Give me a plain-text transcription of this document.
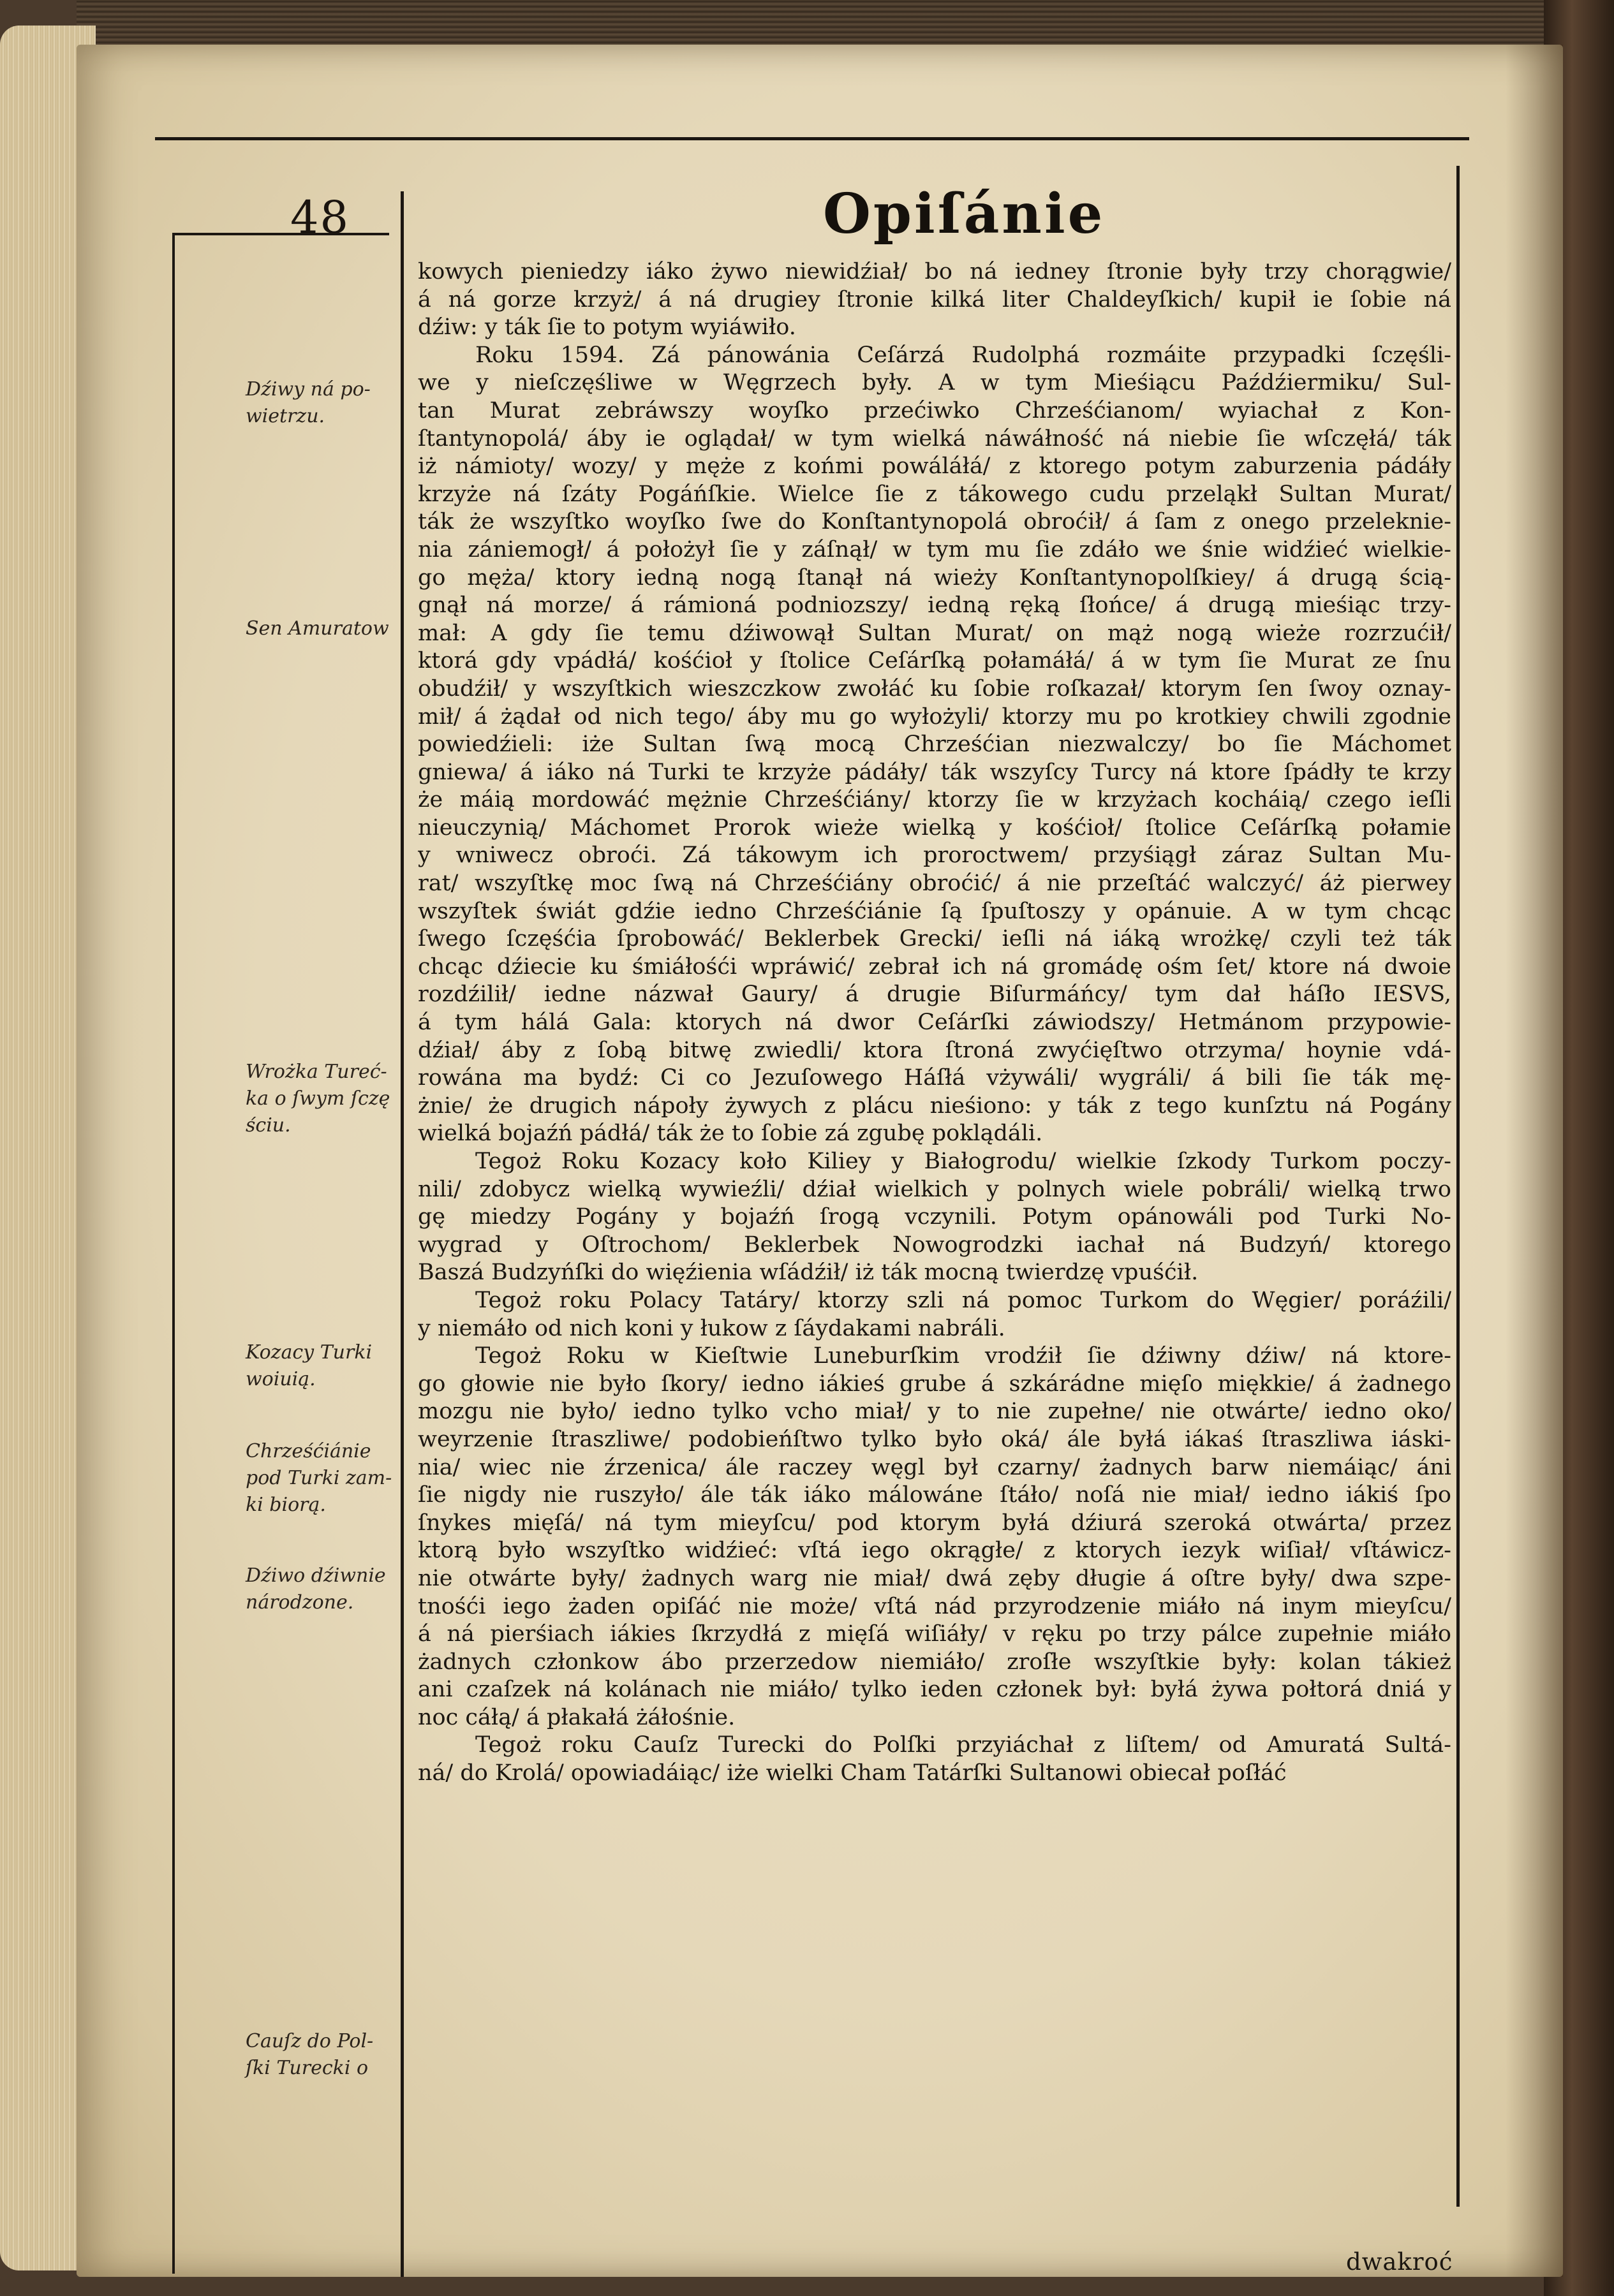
48	Opiſánie
Dźiwy ná po-
wietrzu.
Sen Amuratow
Wrożka Tureć-
ka o ſwym ſczę
ściu.
Kozacy Turki
woiuią.
Chrześćiánie
pod Turki zam-
ki biorą.
Dźiwo dźiwnie
národzone.
Cauſz do Pol-
ſki Turecki o
kowych pieniedzy iáko żywo niewidźiał/ bo ná iedney ſtronie były trzy chorągwie/
á ná gorze krzyż/ á ná drugiey ſtronie kilká liter Chaldeyſkich/ kupił ie ſobie ná
dźiw: y ták ſie to potym wyiáwiło.
Roku 1594. Zá pánowánia Ceſárzá Rudolphá rozmáite przypadki ſczęśli-
we y nieſczęśliwe w Węgrzech były. A w tym Mieśiącu Paźdźiermiku/ Sul-
tan Murat zebráwszy woyſko przećiwko Chrześćianom/ wyiachał z Kon-
ſtantynopolá/ áby ie oglądał/ w tym wielká náwáłność ná niebie ſie wſczęłá/ ták
iż námioty/ wozy/ y męże z końmi powáláłá/ z ktorego potym zaburzenia pádáły
krzyże ná ſzáty Pogáńſkie. Wielce ſie z tákowego cudu przeląkł Sultan Murat/
ták że wszyſtko woyſko ſwe do Konſtantynopolá obroćił/ á ſam z onego przeleknie-
nia zániemogł/ á położył ſie y záſnął/ w tym mu ſie zdáło we śnie widźieć wielkie-
go męża/ ktory iedną nogą ſtanął ná wieży Konſtantynopolſkiey/ á drugą ścią-
gnął ná morze/ á rámioná podniozszy/ iedną ręką ſłońce/ á drugą mieśiąc trzy-
mał: A gdy ſie temu dźiwowął Sultan Murat/ on mąż nogą wieże rozrzućił/
ktorá gdy vpádłá/ kośćioł y ſtolice Ceſárſką połamáłá/ á w tym ſie Murat ze ſnu
obudźił/ y wszyſtkich wieszczkow zwołáć ku ſobie roſkazał/ ktorym ſen ſwoy oznay-
mił/ á żądał od nich tego/ áby mu go wyłożyli/ ktorzy mu po krotkiey chwili zgodnie
powiedźieli: iże Sultan ſwą mocą Chrześćian niezwalczy/ bo ſie Máchomet
gniewa/ á iáko ná Turki te krzyże pádáły/ ták wszyſcy Turcy ná ktore ſpádły te krzy
że máią mordowáć mężnie Chrześćiány/ ktorzy ſie w krzyżach kocháią/ czego ieſli
nieuczynią/ Máchomet Prorok wieże wielką y kośćioł/ ſtolice Ceſárſką połamie
y wniwecz obroći. Zá tákowym ich proroctwem/ przyśiągł záraz Sultan Mu-
rat/ wszyſtkę moc ſwą ná Chrześćiány obroćić/ á nie przeſtáć walczyć/ áż pierwey
wszyſtek świát gdźie iedno Chrześćiánie ſą ſpuſtoszy y opánuie. A w tym chcąc
ſwego ſczęśćia ſprobowáć/ Beklerbek Grecki/ ieſli ná iáką wrożkę/ czyli też ták
chcąc dźiecie ku śmiáłośći wpráwić/ zebrał ich ná gromádę ośm ſet/ ktore ná dwoie
rozdźilił/ iedne názwał Gaury/ á drugie Biſurmáńcy/ tym dał háſło IESVS,
á tym hálá Gala: ktorych ná dwor Ceſárſki záwiodszy/ Hetmánom przypowie-
dźiał/ áby z ſobą bitwę zwiedli/ ktora ſtroná zwyćięſtwo otrzyma/ hoynie vdá-
rowána ma bydź: Ci co Jezuſowego Háſłá vżywáli/ wygráli/ á bili ſie ták mę-
żnie/ że drugich nápoły żywych z plácu nieśiono: y ták z tego kunſztu ná Pogány
wielká bojaźń pádłá/ ták że to ſobie zá zgubę poklądáli.
Tegoż Roku Kozacy koło Kiliey y Białogrodu/ wielkie ſzkody Turkom poczy-
nili/ zdobycz wielką wywieźli/ dźiał wielkich y polnych wiele pobráli/ wielką trwo
gę miedzy Pogány y bojaźń ſrogą vczynili. Potym opánowáli pod Turki No-
wygrad y Oſtrochom/ Beklerbek Nowogrodzki iachał ná Budzyń/ ktorego
Baszá Budzyńſki do więźienia wſádźił/ iż ták mocną twierdzę vpuśćił.
Tegoż roku Polacy Tatáry/ ktorzy szli ná pomoc Turkom do Węgier/ poráźili/
y niemáło od nich koni y łukow z ſáydakami nabráli.
Tegoż Roku w Kieſtwie Luneburſkim vrodźił ſie dźiwny dźiw/ ná ktore-
go głowie nie było ſkory/ iedno iákieś grube á szkárádne mięſo miękkie/ á żadnego
mozgu nie było/ iedno tylko vcho miał/ y to nie zupełne/ nie otwárte/ iedno oko/
weyrzenie ſtraszliwe/ podobieńſtwo tylko było oká/ ále byłá iákaś ſtraszliwa iáski-
nia/ wiec nie źrzenica/ ále raczey węgl był czarny/ żadnych barw niemáiąc/ áni
ſie nigdy nie ruszyło/ ále ták iáko málowáne ſtáło/ noſá nie miał/ iedno iákiś ſpo
ſnykes mięſá/ ná tym mieyſcu/ pod ktorym byłá dźiurá szeroká otwárta/ przez
ktorą było wszyſtko widźieć: vſtá iego okrągłe/ z ktorych iezyk wiſiał/ vſtáwicz-
nie otwárte były/ żadnych warg nie miał/ dwá zęby długie á oſtre były/ dwa szpe-
tnośći iego żaden opiſáć nie może/ vſtá nád przyrodzenie miáło ná inym mieyſcu/
á ná pierśiach iákies ſkrzydłá z mięſá wiſiáły/ v ręku po trzy pálce zupełnie miáło
żadnych członkow ábo przerzedow niemiáło/ zroſłe wszyſtkie były: kolan tákież
ani czaſzek ná kolánach nie miáło/ tylko ieden członek był: byłá żywa połtorá dniá y
noc cáłą/ á płakałá żáłośnie.
Tegoż roku Cauſz Turecki do Polſki przyiáchał z liſtem/ od Amuratá Sultá-
ná/ do Krolá/ opowiadáiąc/ iże wielki Cham Tatárſki Sultanowi obiecał poſłáć
dwakroć
